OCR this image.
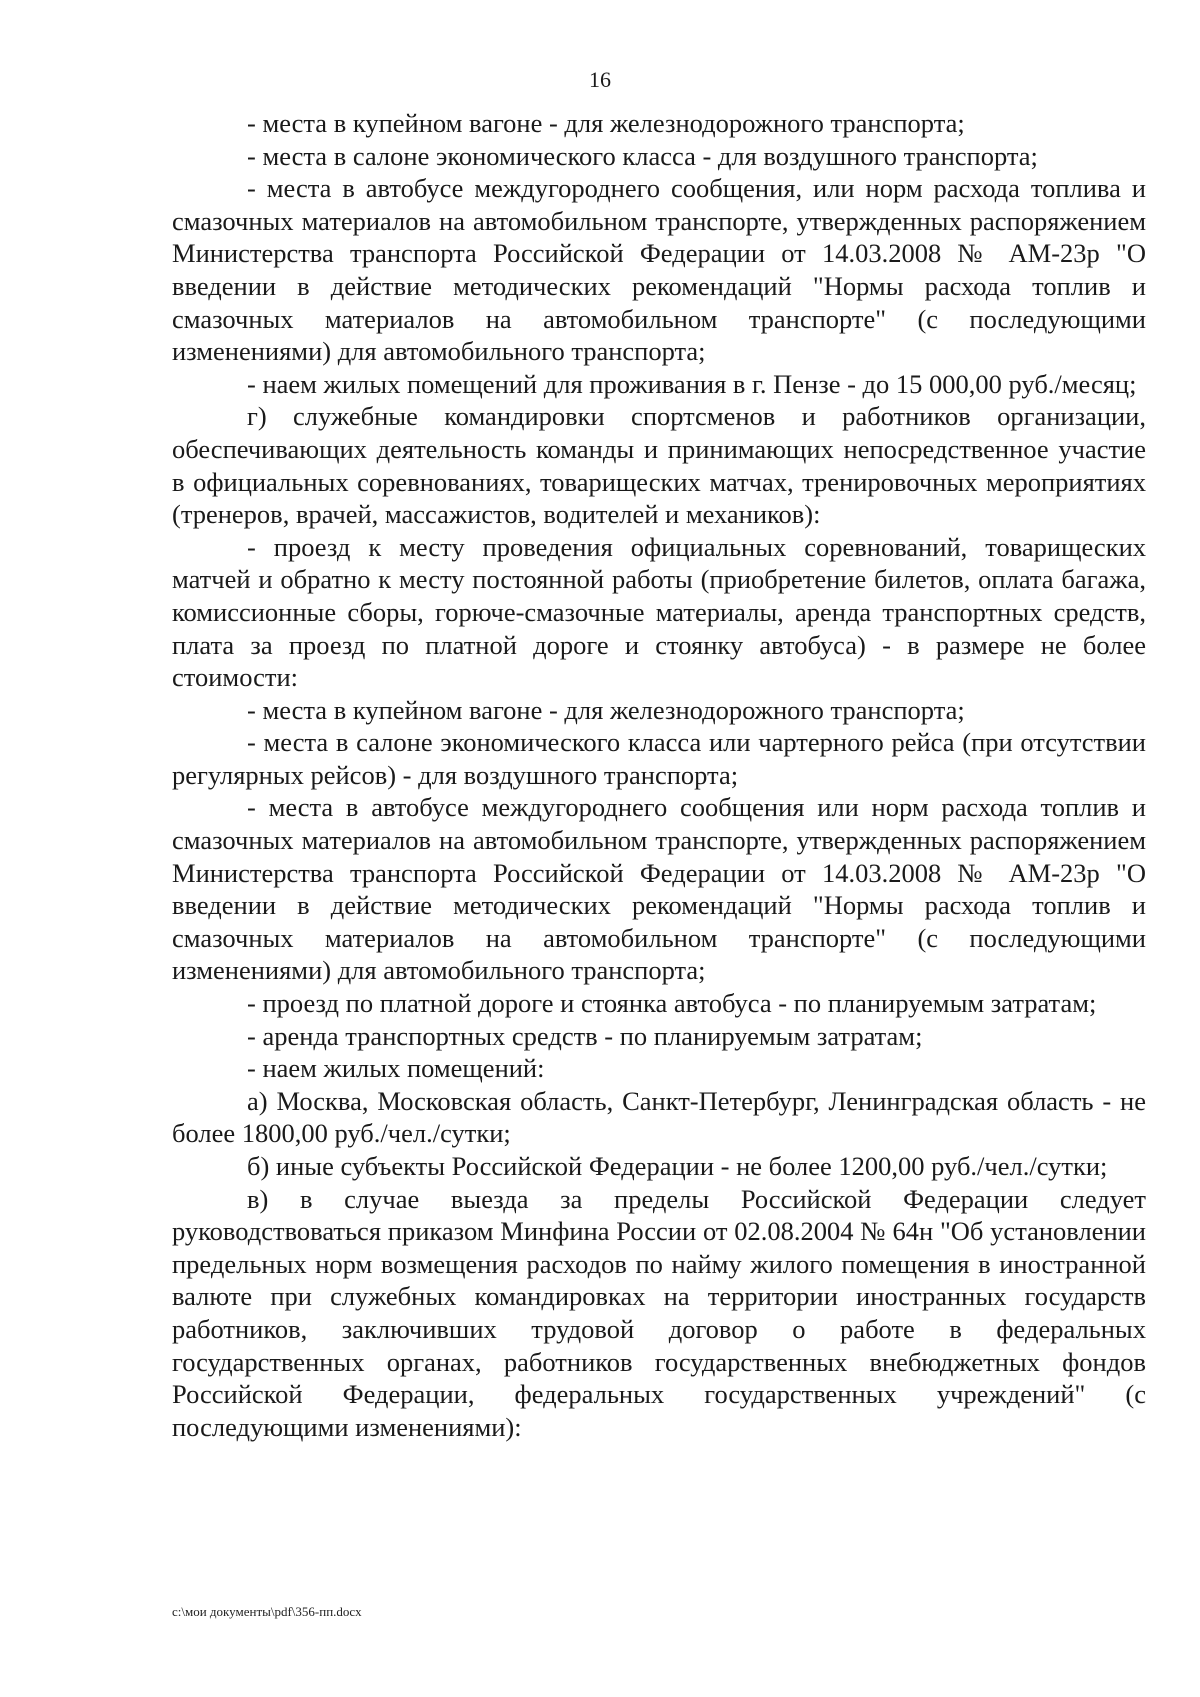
16

- места в купейном вагоне - для железнодорожного транспорта;

- места в салоне экономического класса - для воздушного транспорта;

- места в автобусе междугороднего сообщения, или норм расхода топлива и смазочных материалов на автомобильном транспорте, утвержденных распоряжением Министерства транспорта Российской Федерации от 14.03.2008 № АМ-23р "О введении в действие методических рекомендаций "Нормы расхода топлив и смазочных материалов на автомобильном транспорте" (с последующими изменениями) для автомобильного транспорта;

- наем жилых помещений для проживания в г. Пензе - до 15 000,00 руб./месяц;

г) служебные командировки спортсменов и работников организации, обеспечивающих деятельность команды и принимающих непосредственное участие в официальных соревнованиях, товарищеских матчах, тренировочных мероприятиях (тренеров, врачей, массажистов, водителей и механиков):

- проезд к месту проведения официальных соревнований, товарищеских матчей и обратно к месту постоянной работы (приобретение билетов, оплата багажа, комиссионные сборы, горюче-смазочные материалы, аренда транспортных средств, плата за проезд по платной дороге и стоянку автобуса) - в размере не более стоимости:

- места в купейном вагоне - для железнодорожного транспорта;

- места в салоне экономического класса или чартерного рейса (при отсутствии регулярных рейсов) - для воздушного транспорта;

- места в автобусе междугороднего сообщения или норм расхода топлив и смазочных материалов на автомобильном транспорте, утвержденных распоряжением Министерства транспорта Российской Федерации от 14.03.2008 № АМ-23р "О введении в действие методических рекомендаций "Нормы расхода топлив и смазочных материалов на автомобильном транспорте" (с последующими изменениями) для автомобильного транспорта;

- проезд по платной дороге и стоянка автобуса - по планируемым затратам;

- аренда транспортных средств - по планируемым затратам;

- наем жилых помещений:

а) Москва, Московская область, Санкт-Петербург, Ленинградская область - не более 1800,00 руб./чел./сутки;

б) иные субъекты Российской Федерации - не более 1200,00 руб./чел./сутки;

в) в случае выезда за пределы Российской Федерации следует руководствоваться приказом Минфина России от 02.08.2004 № 64н "Об установлении предельных норм возмещения расходов по найму жилого помещения в иностранной валюте при служебных командировках на территории иностранных государств работников, заключивших трудовой договор о работе в федеральных государственных органах, работников государственных внебюджетных фондов Российской Федерации, федеральных государственных учреждений" (с последующими изменениями):

c:\мои документы\pdf\356-пп.docx
